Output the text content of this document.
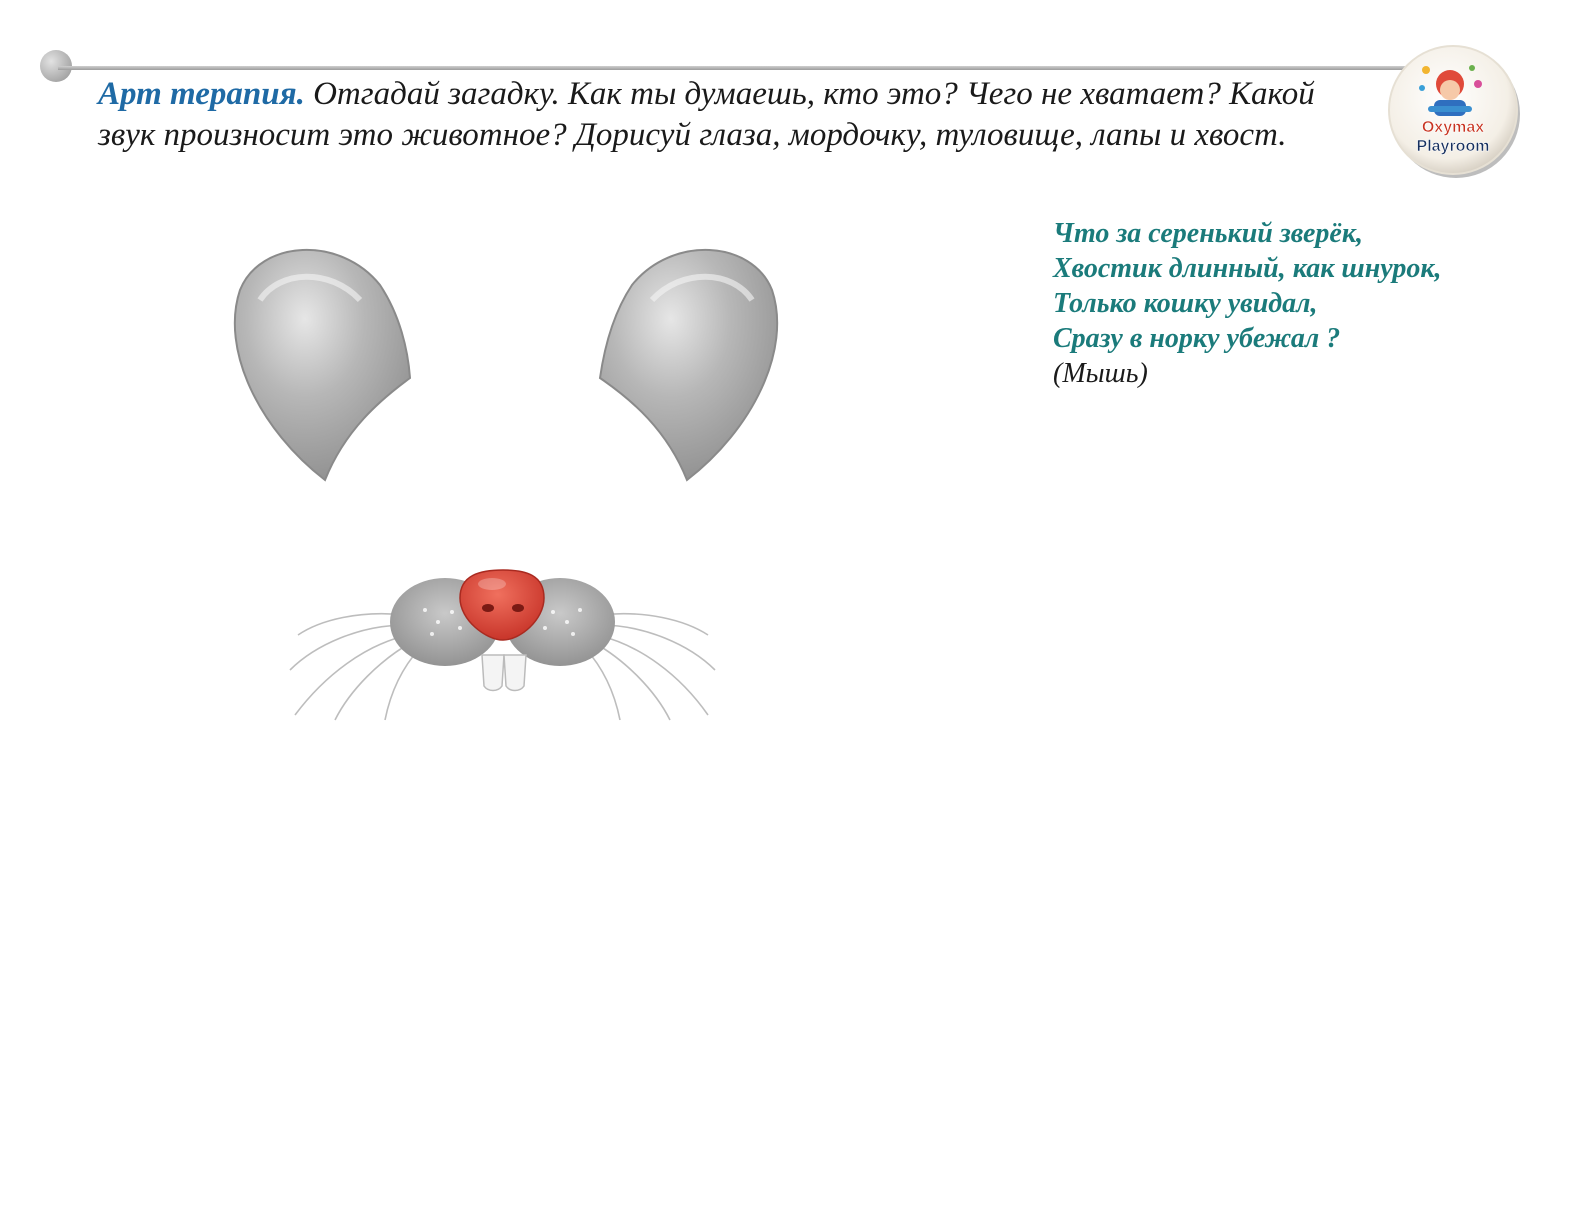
Арт терапия. Отгадай загадку. Как ты думаешь, кто это? Чего не хватает? Какой звук произносит это животное? Дорисуй глаза, мордочку, туловище, лапы и хвост.	Oxymax
Playroom
Что за серенький зверёк,
Хвостик длинный, как шнурок,
Только кошку увидал,
Сразу в норку убежал ?
(Мышь)
